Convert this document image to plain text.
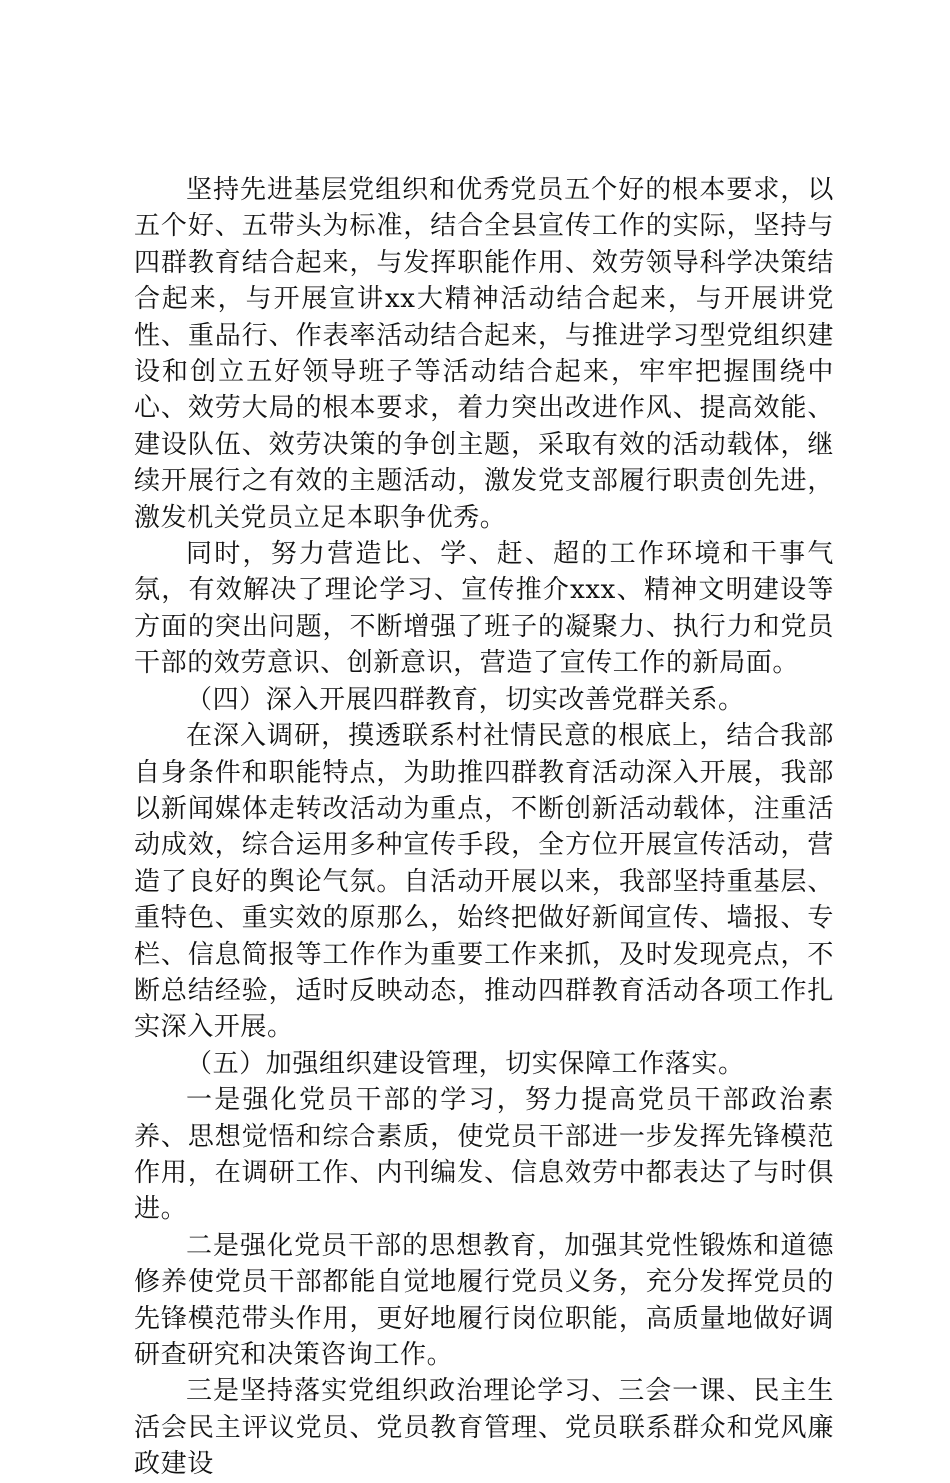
坚持先进基层党组织和优秀党员五个好的根本要求，以五个好、五带头为标准，结合全县宣传工作的实际，坚持与四群教育结合起来，与发挥职能作用、效劳领导科学决策结合起来，与开展宣讲xx大精神活动结合起来，与开展讲党性、重品行、作表率活动结合起来，与推进学习型党组织建设和创立五好领导班子等活动结合起来，牢牢把握围绕中心、效劳大局的根本要求，着力突出改进作风、提高效能、建设队伍、效劳决策的争创主题，采取有效的活动载体，继续开展行之有效的主题活动，激发党支部履行职责创先进，激发机关党员立足本职争优秀。

同时，努力营造比、学、赶、超的工作环境和干事气氛，有效解决了理论学习、宣传推介xxx、精神文明建设等方面的突出问题，不断增强了班子的凝聚力、执行力和党员干部的效劳意识、创新意识，营造了宣传工作的新局面。

（四）深入开展四群教育，切实改善党群关系。

在深入调研，摸透联系村社情民意的根底上，结合我部自身条件和职能特点，为助推四群教育活动深入开展，我部以新闻媒体走转改活动为重点，不断创新活动载体，注重活动成效，综合运用多种宣传手段，全方位开展宣传活动，营造了良好的舆论气氛。自活动开展以来，我部坚持重基层、重特色、重实效的原那么，始终把做好新闻宣传、墙报、专栏、信息简报等工作作为重要工作来抓，及时发现亮点，不断总结经验，适时反映动态，推动四群教育活动各项工作扎实深入开展。

（五）加强组织建设管理，切实保障工作落实。

一是强化党员干部的学习，努力提高党员干部政治素养、思想觉悟和综合素质，使党员干部进一步发挥先锋模范作用，在调研工作、内刊编发、信息效劳中都表达了与时俱进。

二是强化党员干部的思想教育，加强其党性锻炼和道德修养使党员干部都能自觉地履行党员义务，充分发挥党员的先锋模范带头作用，更好地履行岗位职能，高质量地做好调研查研究和决策咨询工作。

三是坚持落实党组织政治理论学习、三会一课、民主生活会民主评议党员、党员教育管理、党员联系群众和党风廉政建设
